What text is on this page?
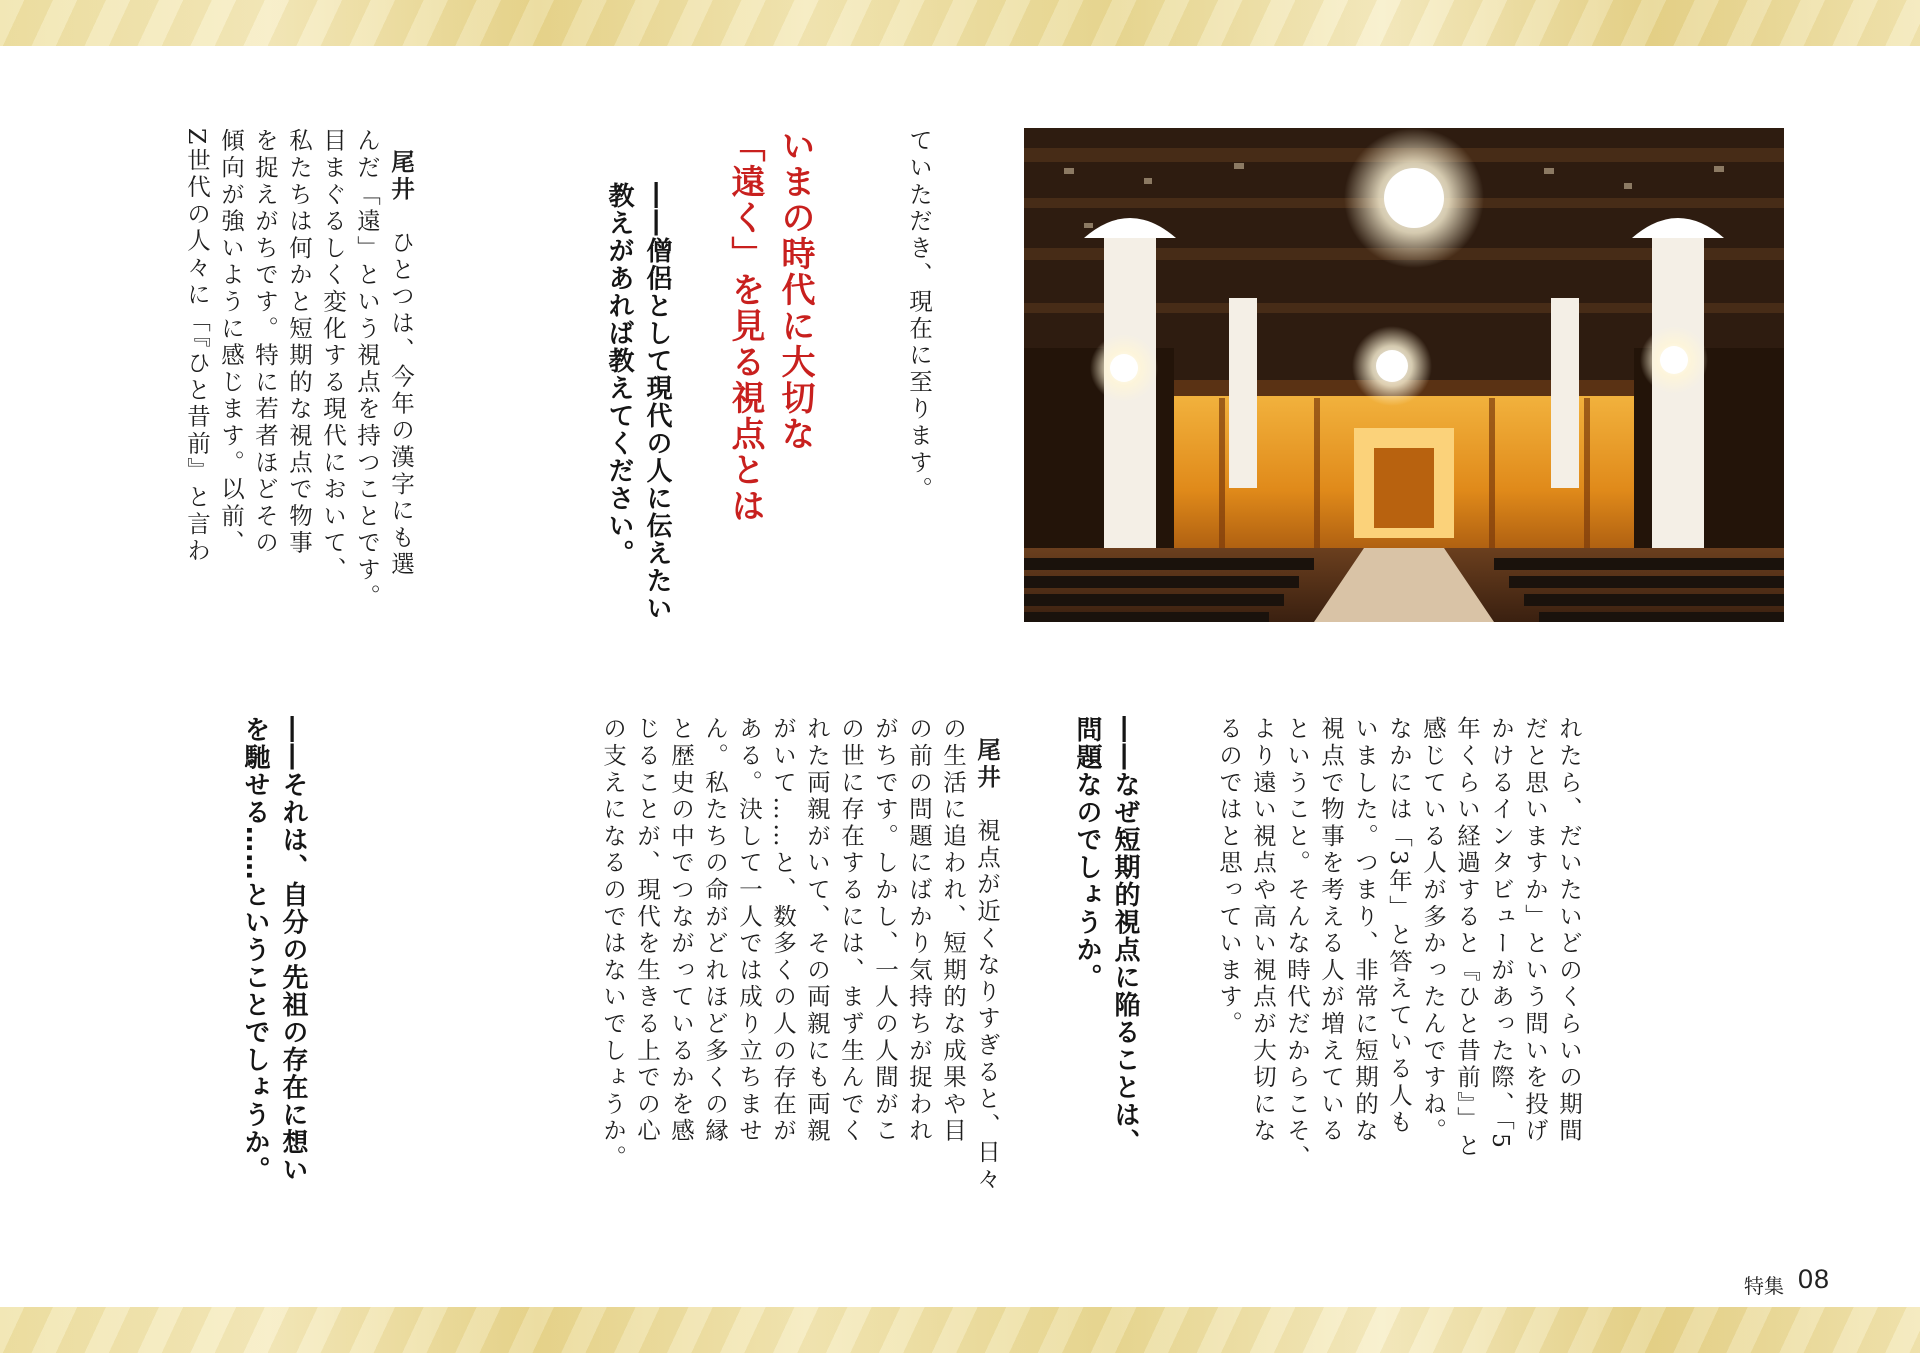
ていただき、現在に至ります。
いまの時代に大切な
「遠く」を見る視点とは
――僧侶として現代の人に伝えたい
教えがあれば教えてください。

尾井　ひとつは、今年の漢字にも選
んだ「遠」という視点を持つことです。
目まぐるしく変化する現代において、
私たちは何かと短期的な視点で物事
を捉えがちです。特に若者ほどその
傾向が強いように感じます。以前、
Z世代の人々に「『ひと昔前』と言わ

れたら、だいたいどのくらいの期間
だと思いますか」という問いを投げ
かけるインタビューがあった際、「5
年くらい経過すると『ひと昔前』」と
感じている人が多かったんですね。
なかには「3年」と答えている人も
いました。つまり、非常に短期的な
視点で物事を考える人が増えている
ということ。そんな時代だからこそ、
より遠い視点や高い視点が大切にな
るのではと思っています。
――なぜ短期的視点に陥ることは、
問題なのでしょうか。

尾井　視点が近くなりすぎると、日々
の生活に追われ、短期的な成果や目
の前の問題にばかり気持ちが捉われ
がちです。しかし、一人の人間がこ
の世に存在するには、まず生んでく
れた両親がいて、その両親にも両親
がいて……と、数多くの人の存在が
ある。決して一人では成り立ちませ
ん。私たちの命がどれほど多くの縁
と歴史の中でつながっているかを感
じることが、現代を生きる上での心
の支えになるのではないでしょうか。

――それは、自分の先祖の存在に想い
を馳せる……ということでしょうか。
特集 08
